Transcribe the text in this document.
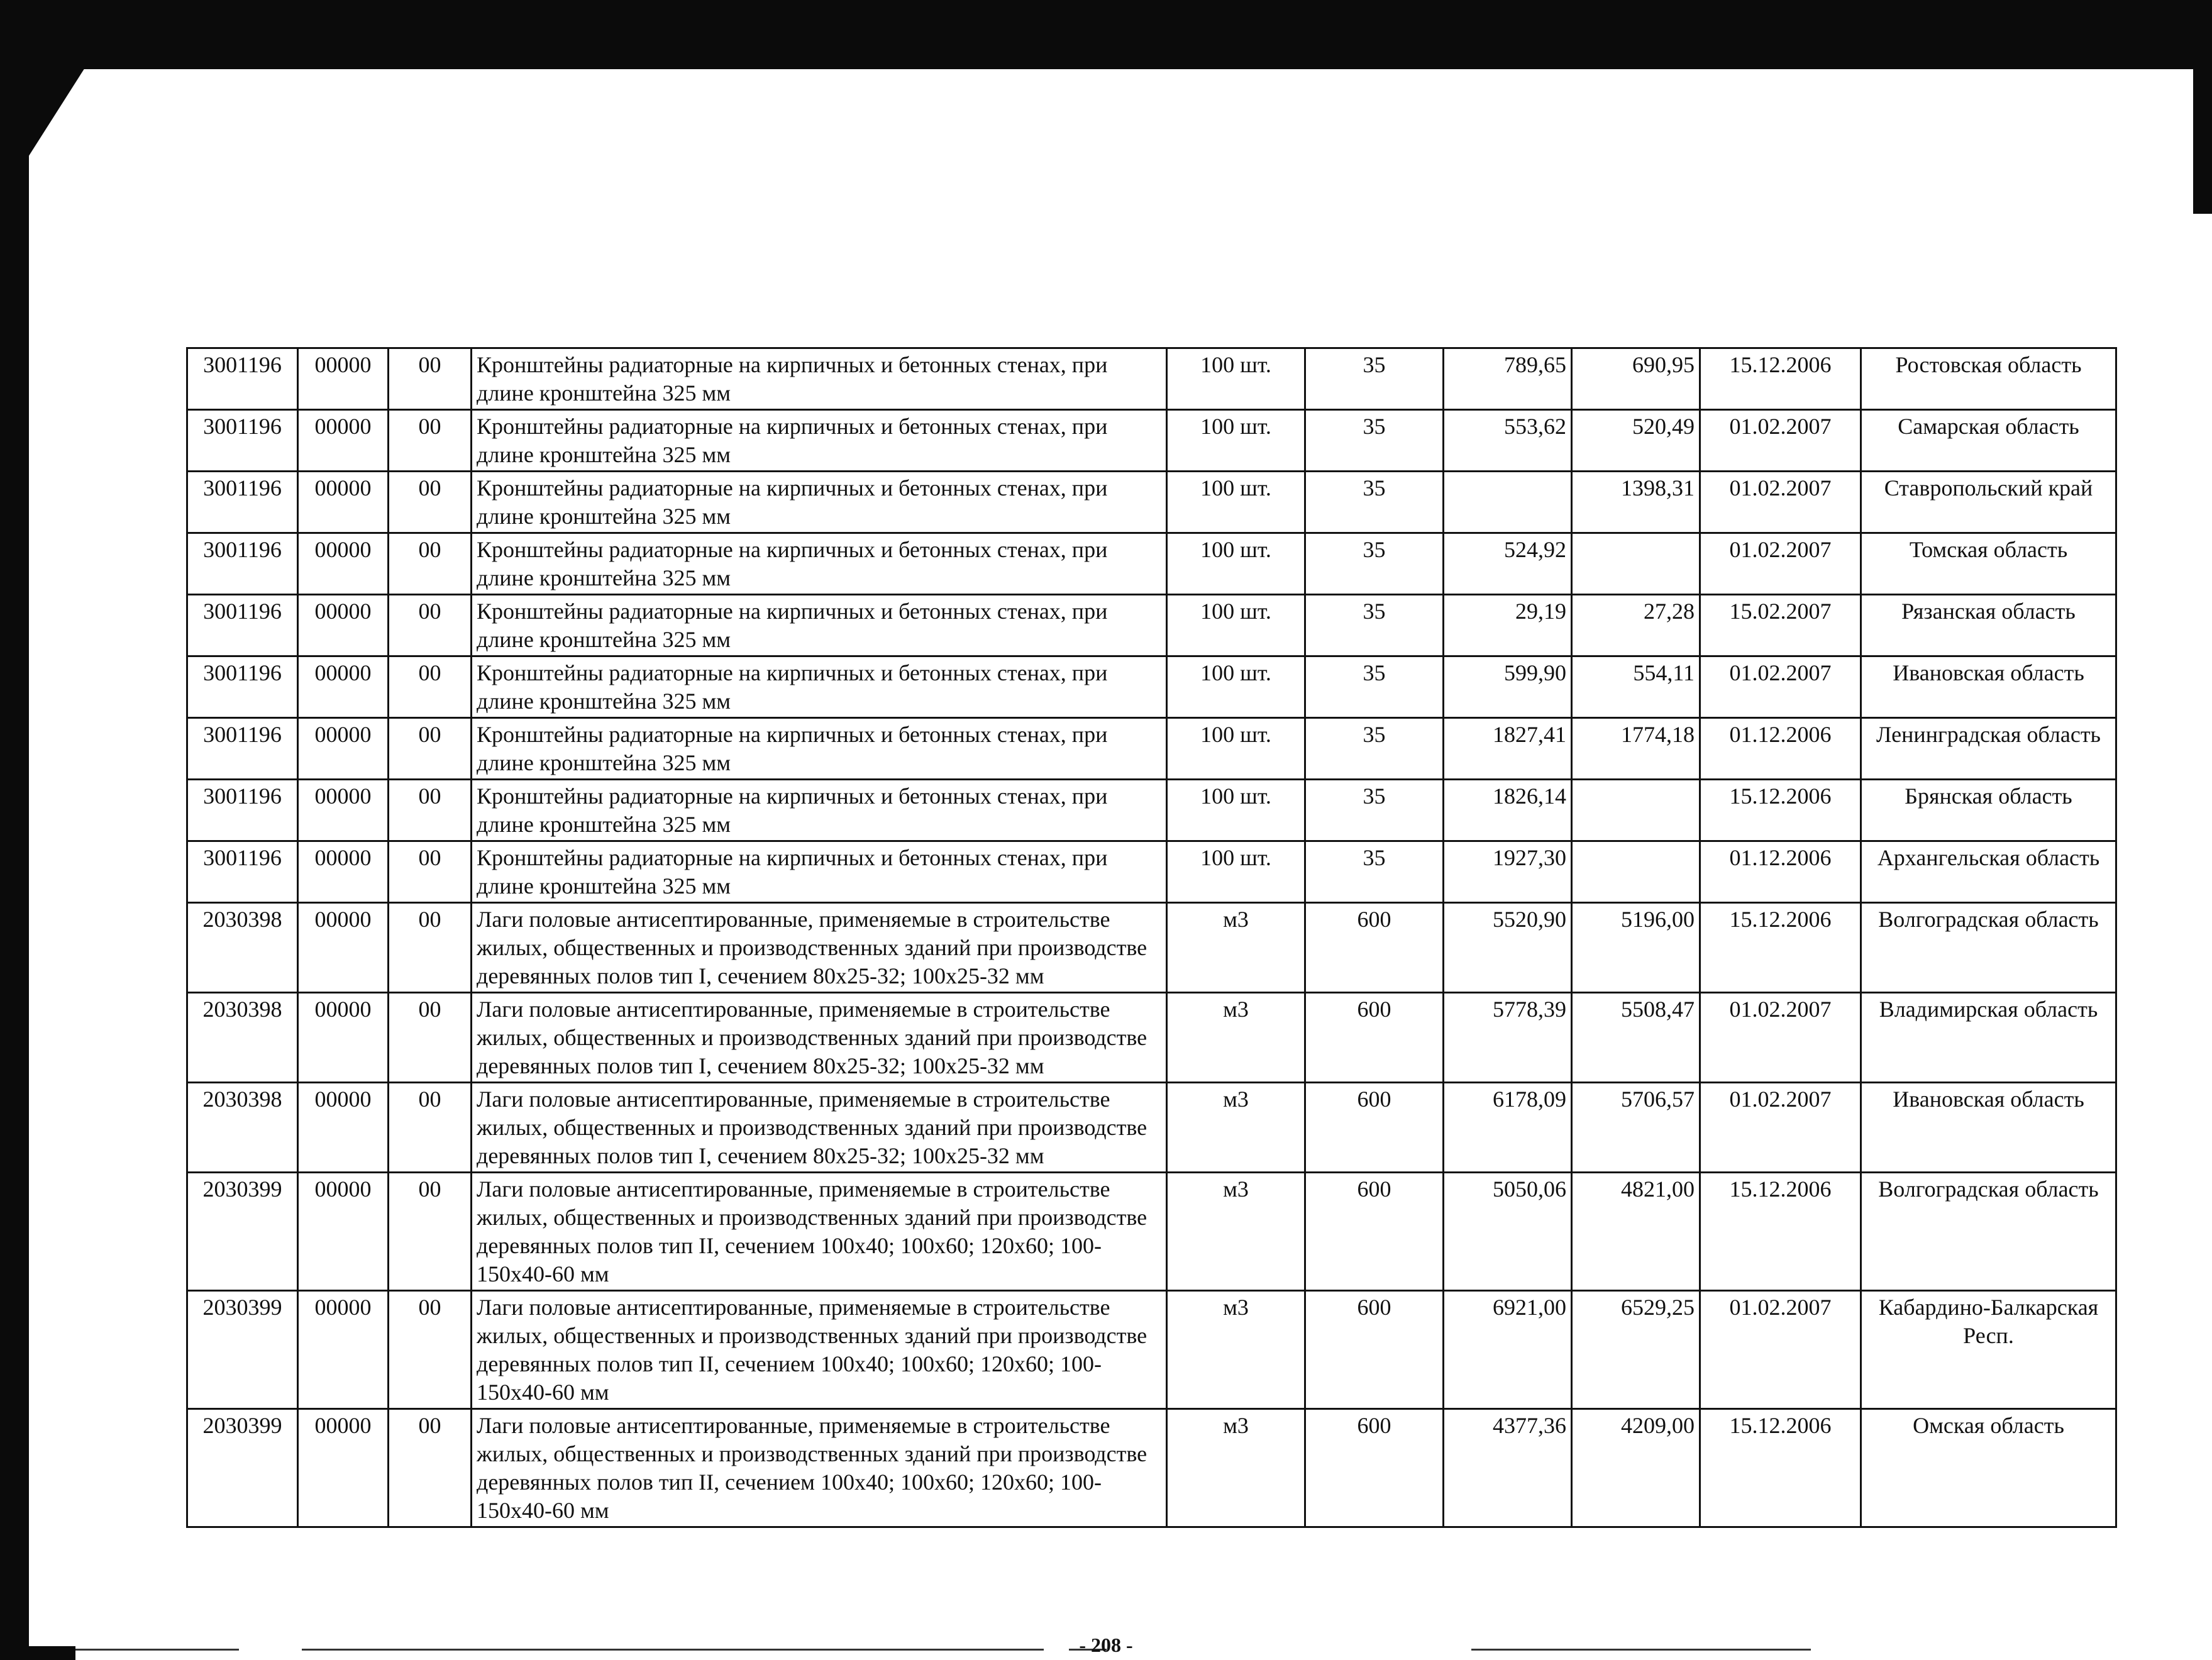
3001196	00000	00	Кронштейны радиаторные на кирпичных и бетонных стенах, при длине кронштейна 325 мм	100 шт.	35	789,65	690,95	15.12.2006	Ростовская область
3001196	00000	00	Кронштейны радиаторные на кирпичных и бетонных стенах, при длине кронштейна 325 мм	100 шт.	35	553,62	520,49	01.02.2007	Самарская область
3001196	00000	00	Кронштейны радиаторные на кирпичных и бетонных стенах, при длине кронштейна 325 мм	100 шт.	35		1398,31	01.02.2007	Ставропольский край
3001196	00000	00	Кронштейны радиаторные на кирпичных и бетонных стенах, при длине кронштейна 325 мм	100 шт.	35	524,92		01.02.2007	Томская область
3001196	00000	00	Кронштейны радиаторные на кирпичных и бетонных стенах, при длине кронштейна 325 мм	100 шт.	35	29,19	27,28	15.02.2007	Рязанская область
3001196	00000	00	Кронштейны радиаторные на кирпичных и бетонных стенах, при длине кронштейна 325 мм	100 шт.	35	599,90	554,11	01.02.2007	Ивановская область
3001196	00000	00	Кронштейны радиаторные на кирпичных и бетонных стенах, при длине кронштейна 325 мм	100 шт.	35	1827,41	1774,18	01.12.2006	Ленинградская область
3001196	00000	00	Кронштейны радиаторные на кирпичных и бетонных стенах, при длине кронштейна 325 мм	100 шт.	35	1826,14		15.12.2006	Брянская область
3001196	00000	00	Кронштейны радиаторные на кирпичных и бетонных стенах, при длине кронштейна 325 мм	100 шт.	35	1927,30		01.12.2006	Архангельская область
2030398	00000	00	Лаги половые антисептированные, применяемые в строительстве жилых, общественных и производственных зданий при производстве деревянных полов тип I, сечением 80х25-32; 100х25-32 мм	м3	600	5520,90	5196,00	15.12.2006	Волгоградская область
2030398	00000	00	Лаги половые антисептированные, применяемые в строительстве жилых, общественных и производственных зданий при производстве деревянных полов тип I, сечением 80х25-32; 100х25-32 мм	м3	600	5778,39	5508,47	01.02.2007	Владимирская область
2030398	00000	00	Лаги половые антисептированные, применяемые в строительстве жилых, общественных и производственных зданий при производстве деревянных полов тип I, сечением 80х25-32; 100х25-32 мм	м3	600	6178,09	5706,57	01.02.2007	Ивановская область
2030399	00000	00	Лаги половые антисептированные, применяемые в строительстве жилых, общественных и производственных зданий при производстве деревянных полов тип II, сечением 100х40; 100х60; 120х60; 100-150х40-60 мм	м3	600	5050,06	4821,00	15.12.2006	Волгоградская область
2030399	00000	00	Лаги половые антисептированные, применяемые в строительстве жилых, общественных и производственных зданий при производстве деревянных полов тип II, сечением 100х40; 100х60; 120х60; 100-150х40-60 мм	м3	600	6921,00	6529,25	01.02.2007	Кабардино-Балкарская Респ.
2030399	00000	00	Лаги половые антисептированные, применяемые в строительстве жилых, общественных и производственных зданий при производстве деревянных полов тип II, сечением 100х40; 100х60; 120х60; 100-150х40-60 мм	м3	600	4377,36	4209,00	15.12.2006	Омская область
- 208 -
